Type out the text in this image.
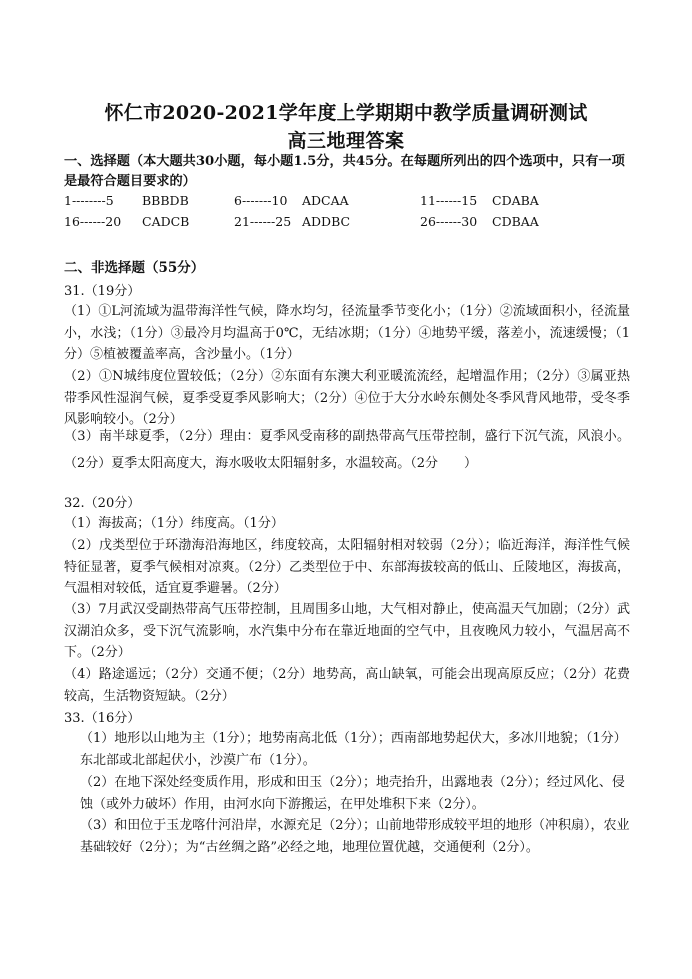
怀仁市2020-2021学年度上学期期中教学质量调研测试
高三地理答案
一、选择题（本大题共30小题，每小题1.5分，共45分。在每题所列出的四个选项中，只有一项是最符合题目要求的）
1--------5 BBBDB	6-------10 ADCAA	11------15 CDABA
16------20 CADCB	21------25 ADDBC	26------30 CDBAA
二、非选择题（55分）
31.（19分）
（1）①L河流域为温带海洋性气候，降水均匀，径流量季节变化小；（1分）②流域面积小，径流量小，水浅；（1分）③最冷月均温高于0℃，无结冰期；（1分）④地势平缓，落差小，流速缓慢；（1分）⑤植被覆盖率高，含沙量小。（1分）
（2）①N城纬度位置较低；（2分）②东面有东澳大利亚暖流流经，起增温作用；（2分）③属亚热带季风性湿润气候，夏季受夏季风影响大；（2分）④位于大分水岭东侧处冬季风背风地带，受冬季风影响较小。（2分）
（3）南半球夏季，（2分）理由：夏季风受南移的副热带高气压带控制，盛行下沉气流，风浪小。（2分）夏季太阳高度大，海水吸收太阳辐射多，水温较高。（2分　　）
32.（20分）
（1）海拔高；（1分）纬度高。（1分）
（2）戊类型位于环渤海沿海地区，纬度较高，太阳辐射相对较弱（2分）；临近海洋，海洋性气候特征显著，夏季气候相对凉爽。（2分）乙类型位于中、东部海拔较高的低山、丘陵地区，海拔高，气温相对较低，适宜夏季避暑。（2分）
（3）7月武汉受副热带高气压带控制，且周围多山地，大气相对静止，使高温天气加剧；（2分）武汉湖泊众多，受下沉气流影响，水汽集中分布在靠近地面的空气中，且夜晚风力较小，气温居高不下。（2分）
（4）路途遥远；（2分）交通不便；（2分）地势高，高山缺氧，可能会出现高原反应；（2分）花费较高，生活物资短缺。（2分）
33.（16分）
（1）地形以山地为主（1分）；地势南高北低（1分）；西南部地势起伏大，多冰川地貌；（1分）东北部或北部起伏小，沙漠广布（1分）。
（2）在地下深处经变质作用，形成和田玉（2分）；地壳抬升，出露地表（2分）；经过风化、侵蚀（或外力破坏）作用，由河水向下游搬运，在甲处堆积下来（2分）。
（3）和田位于玉龙喀什河沿岸，水源充足（2分）；山前地带形成较平坦的地形（冲积扇），农业基础较好（2分）；为“古丝绸之路”必经之地，地理位置优越，交通便利（2分）。
